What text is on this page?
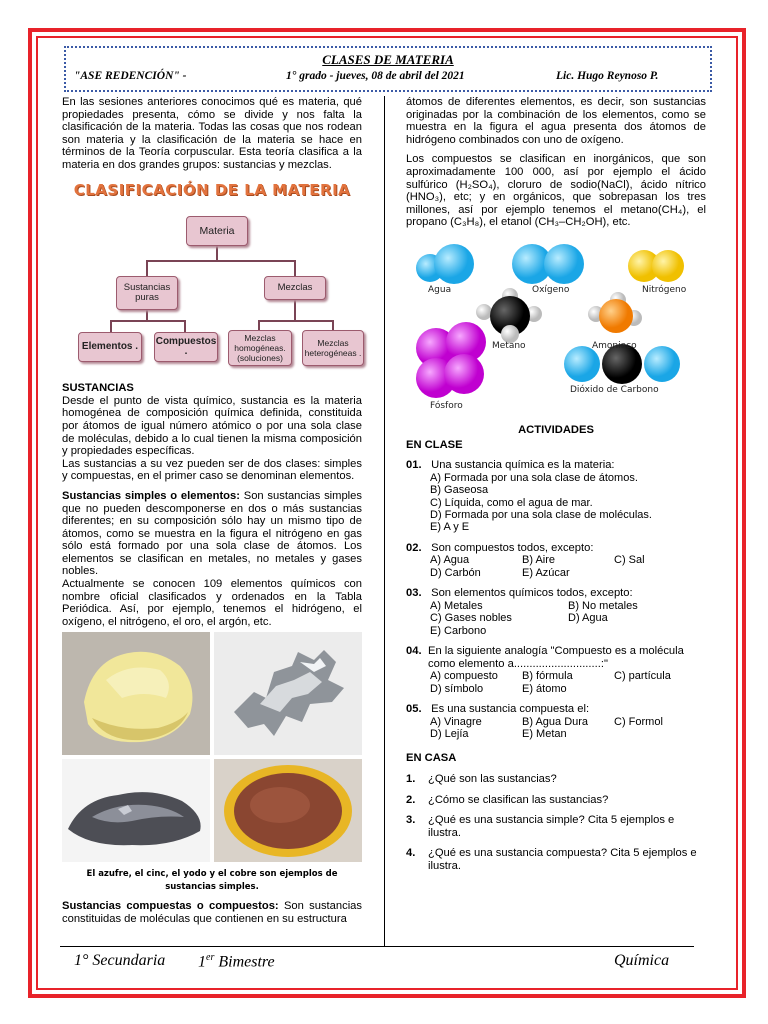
CLASES DE MATERIA
"ASE REDENCIÓN" -	1° grado - jueves, 08 de abril del 2021	Lic. Hugo Reynoso P.

En las sesiones anteriores conocimos qué es materia, qué propiedades presenta, cómo se divide y nos falta la clasificación de la materia. Todas las cosas que nos rodean son materia y la clasificación de la materia se hace en términos de la Teoría corpuscular. Esta teoría clasifica a la materia en dos grandes grupos: sustancias y mezclas.

CLASIFICACIÓN DE LA MATERIA
Materia
Sustancias puras
Mezclas
Elementos .	Compuestos .
Mezclas homogéneas. (soluciones)
Mezclas heterogéneas .
SUSTANCIAS
Desde el punto de vista químico, sustancia es la materia homogénea de composición química definida, constituida por átomos de igual número atómico o por una sola clase de moléculas, debido a lo cual tienen la misma composición y propiedades específicas.

Las sustancias a su vez pueden ser de dos clases: simples y compuestas, en el primer caso se denominan elementos.

Sustancias simples o elementos: Son sustancias simples que no pueden descomponerse en dos o más sustancias diferentes; en su composición sólo hay un mismo tipo de átomos, como se muestra en la figura el nitrógeno en gas sólo está formado por una sola clase de átomos. Los elementos se clasifican en metales, no metales y gases nobles.
Actualmente se conocen 109 elementos químicos con nombre oficial clasificados y ordenados en la Tabla Periódica. Así, por ejemplo, tenemos el hidrógeno, el oxígeno, el nitrógeno, el oro, el argón, etc.
El azufre, el cinc, el yodo y el cobre son ejemplos de sustancias simples.
Sustancias compuestas o compuestos: Son sustancias constituidas de moléculas que contienen en su estructura

átomos de diferentes elementos, es decir, son sustancias originadas por la combinación de los elementos, como se muestra en la figura el agua presenta dos átomos de hidrógeno combinados con uno de oxígeno.

Los compuestos se clasifican en inorgánicos, que son aproximadamente 100 000, así por ejemplo el ácido sulfúrico (H₂SO₄), cloruro de sodio(NaCl), ácido nítrico (HNO₃), etc; y en orgánicos, que sobrepasan los tres millones, así por ejemplo tenemos el metano(CH₄), el propano (C₃H₈), el etanol (CH₃–CH₂OH), etc.

Agua	Oxígeno	Nitrógeno
Metano	Amoniaco
Fósforo
Dióxido de Carbono
ACTIVIDADES
EN CLASE
01. Una sustancia química es la materia:
A) Formada por una sola clase de átomos.
B) Gaseosa
C) Líquida, como el agua de mar.
D) Formada por una sola clase de moléculas.
E) A y E
02. Son compuestos todos, excepto:
A) Agua	B) Aire	C) Sal
D) Carbón	E) Azúcar
03. Son elementos químicos todos, excepto:
A) Metales	B) No metales
C) Gases nobles	D) Agua
E) Carbono
04. En la siguiente analogía "Compuesto es a molécula como elemento a............................:"
A) compuesto	B) fórmula	C) partícula
D) símbolo	E) átomo
05. Es una sustancia compuesta el:
A) Vinagre	B) Agua Dura	C) Formol
D) Lejía	E) Metan
EN CASA
1.	¿Qué son las sustancias?
2.	¿Cómo se clasifican las sustancias?
3.	¿Qué es una sustancia simple? Cita 5 ejemplos e ilustra.
4.	¿Qué es una sustancia compuesta? Cita 5 ejemplos e ilustra.
1° Secundaria 1er Bimestre	Química
